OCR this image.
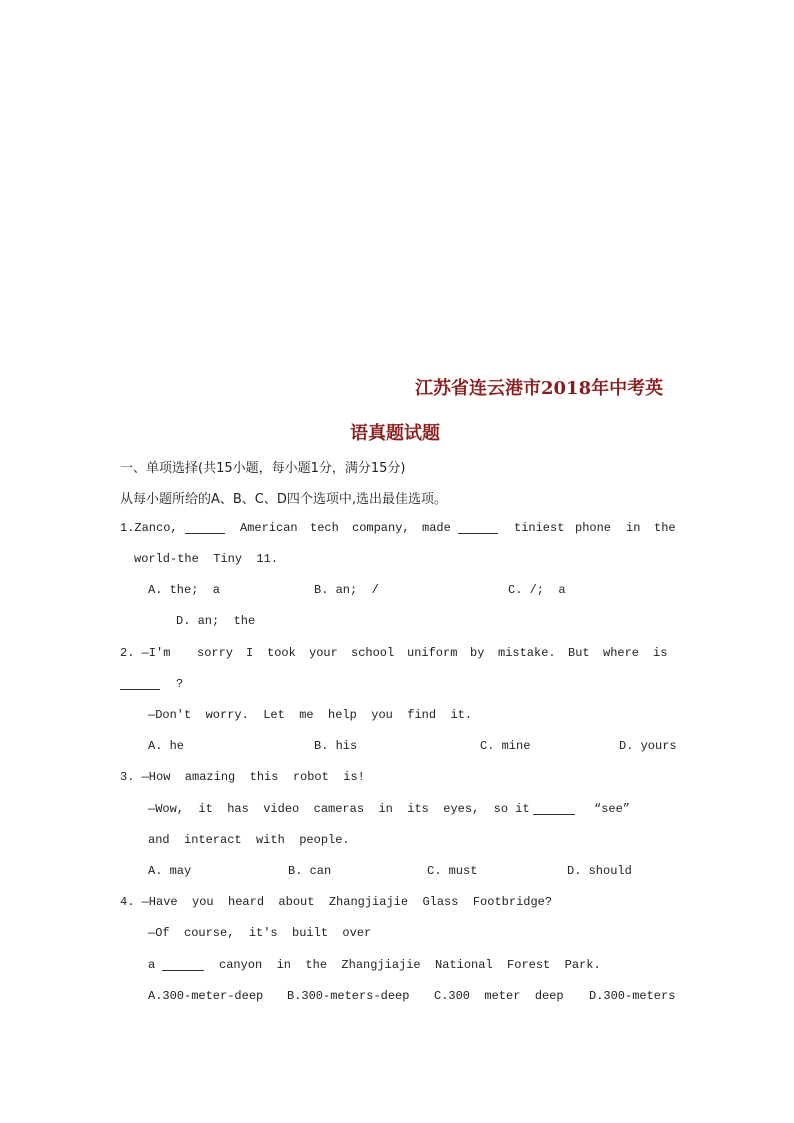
江苏省连云港市2018年中考英
语真题试题
一、单项选择(共15小题，每小题1分，满分15分)
从每小题所给的A、B、C、D四个选项中,选出最佳选项。
1.Zanco,	American tech company, made	tiniest phone in the
world-the  Tiny  11.
A. the;  a	B. an;  /	C. /;  a
D. an;  the
2. —I'm sorry I took your school uniform by mistake. But where is
?
—Don't  worry.  Let  me  help  you  find  it.
A. he	B. his	C. mine	D. yours
3. —How  amazing  this  robot  is!
—Wow,  it  has  video  cameras  in  its  eyes,  so it	“see”
and  interact  with  people.
A. may	B. can	C. must	D. should
4. —Have  you  heard  about  Zhangjiajie  Glass  Footbridge?
—Of  course,  it's  built  over
a	canyon  in  the  Zhangjiajie  National  Forest  Park.
A.300-meter-deep B.300-meters-deep C.300  meter  deep D.300-meters
